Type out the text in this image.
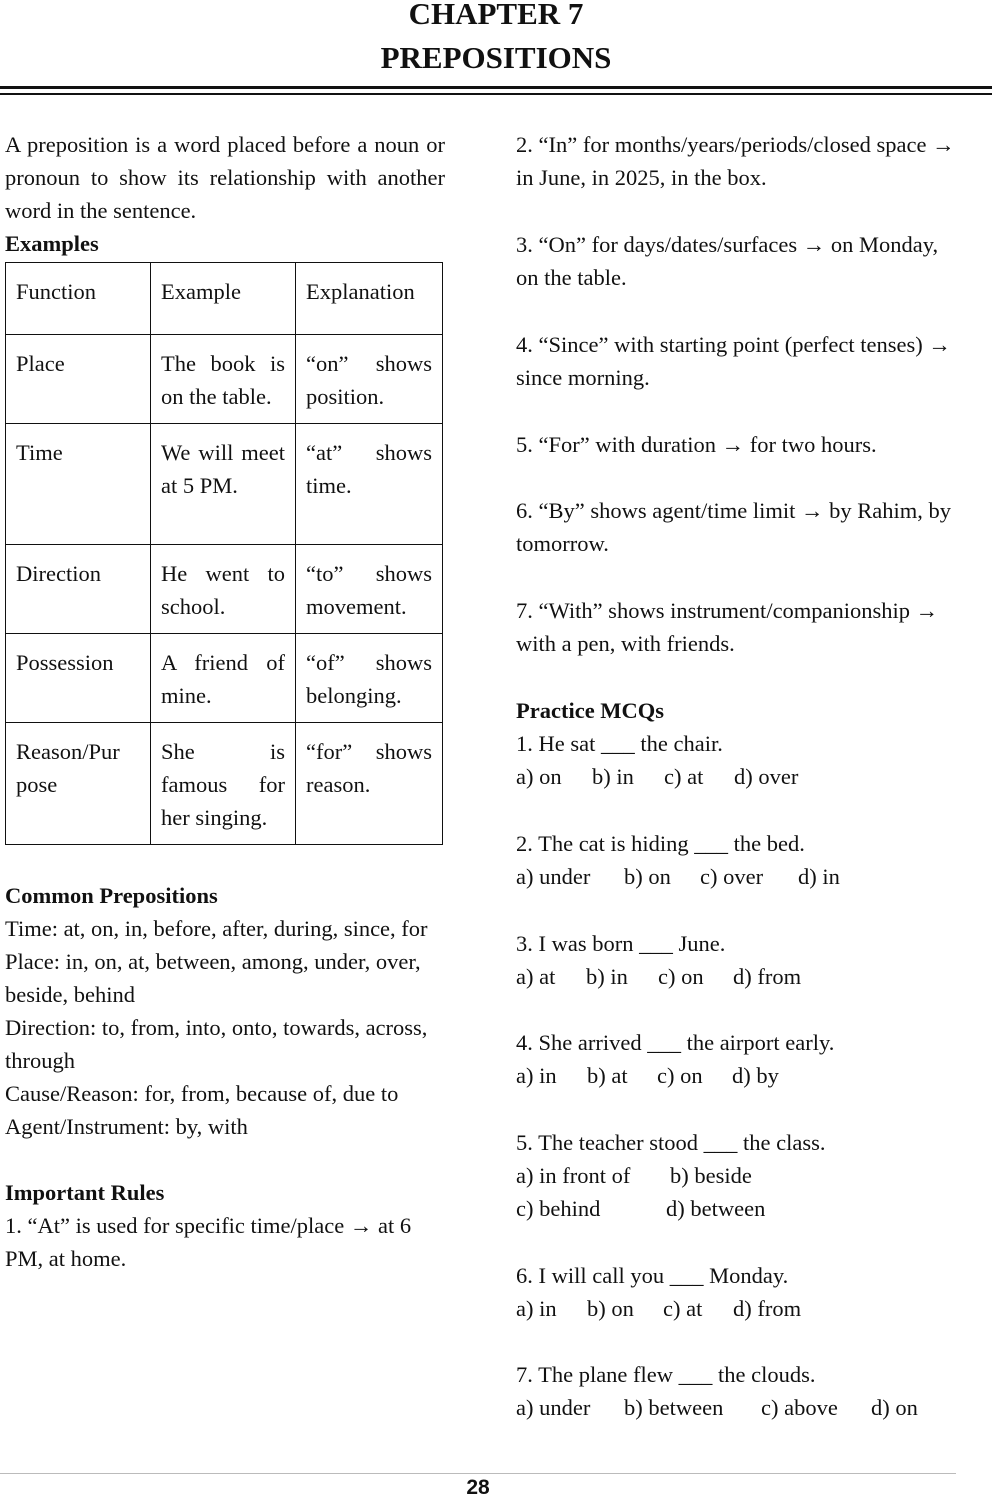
CHAPTER 7
PREPOSITIONS

A preposition is a word placed before a noun or pronoun to show its relationship with another word in the sentence.

Examples

Function	Example	Explanation
Place	The book is on the table.	“on” shows position.
Time	We will meet at 5 PM.	“at” shows time.
Direction	He went to school.	“to” shows movement.
Possession	A friend of mine.	“of” shows belonging.
Reason/Pur pose	She is famous for her singing.	“for” shows reason.

Common Prepositions

Time: at, on, in, before, after, during, since, for

Place: in, on, at, between, among, under, over, beside, behind

Direction: to, from, into, onto, towards, across, through

Cause/Reason: for, from, because of, due to

Agent/Instrument: by, with

Important Rules

1. “At” is used for specific time/place → at 6 PM, at home.

2. “In” for months/years/periods/closed space → in June, in 2025, in the box.

3. “On” for days/dates/surfaces → on Monday, on the table.

4. “Since” with starting point (perfect tenses) → since morning.

5. “For” with duration → for two hours.

6. “By” shows agent/time limit → by Rahim, by tomorrow.

7. “With” shows instrument/companionship → with a pen, with friends.

Practice MCQs

1. He sat ___ the chair.

a) on b) in c) at d) over

2. The cat is hiding ___ the bed.

a) under b) on c) over d) in

3. I was born ___ June.

a) at b) in c) on d) from

4. She arrived ___ the airport early.

a) in b) at c) on d) by

5. The teacher stood ___ the class.

a) in front of b) beside

c) behind	d) between

6. I will call you ___ Monday.

a) in b) on c) at d) from

7. The plane flew ___ the clouds.

a) under b) between c) above d) on

28
